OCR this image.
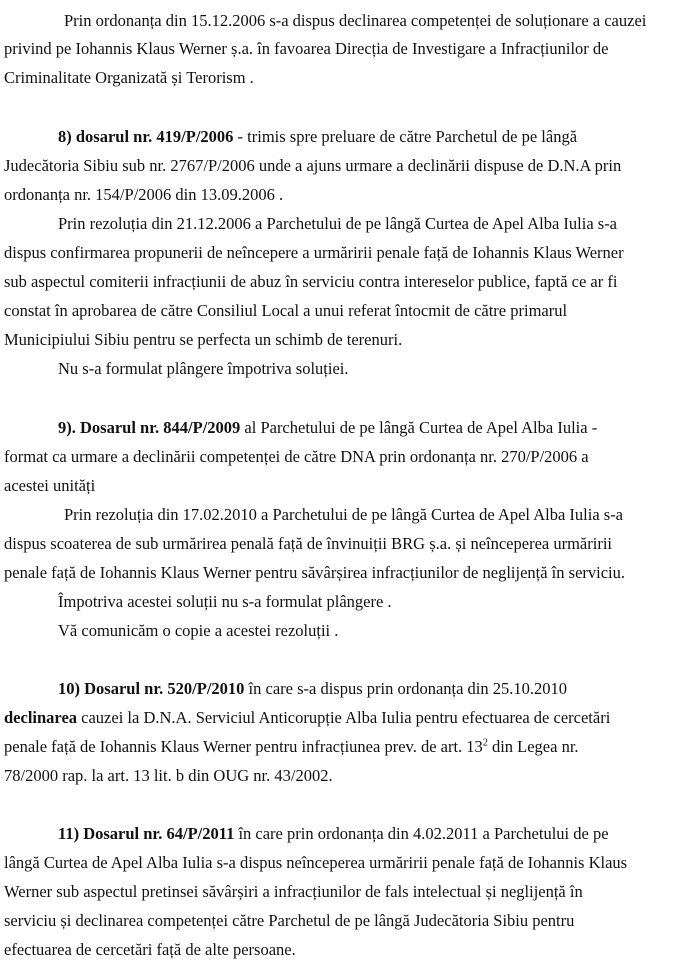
Prin ordonanța din 15.12.2006 s-a dispus declinarea competenței de soluționare a cauzei
privind pe Iohannis Klaus Werner ș.a. în favoarea Direcția de Investigare a Infracțiunilor de
Criminalitate Organizată și Terorism .
8) dosarul nr. 419/P/2006 - trimis spre preluare de către Parchetul de pe lângă
Judecătoria Sibiu sub nr. 2767/P/2006 unde a ajuns urmare a declinării dispuse de D.N.A prin
ordonanța nr. 154/P/2006 din 13.09.2006 .
Prin rezoluția din 21.12.2006 a Parchetului de pe lângă Curtea de Apel Alba Iulia s-a
dispus confirmarea propunerii de neîncepere a urmăririi penale față de Iohannis Klaus Werner
sub aspectul comiterii infracțiunii de abuz în serviciu contra intereselor publice, faptă ce ar fi
constat în aprobarea de către Consiliul Local a unui referat întocmit de către primarul
Municipiului Sibiu pentru se perfecta un schimb de terenuri.
Nu s-a formulat plângere împotriva soluției.
9). Dosarul nr. 844/P/2009 al Parchetului de pe lângă Curtea de Apel Alba Iulia -
format ca urmare a declinării competenței de către DNA prin ordonanța nr. 270/P/2006 a
acestei unități
Prin rezoluția din 17.02.2010 a Parchetului de pe lângă Curtea de Apel Alba Iulia s-a
dispus scoaterea de sub urmărirea penală față de învinuiții BRG ș.a. și neînceperea urmăririi
penale față de Iohannis Klaus Werner pentru săvârșirea infracțiunilor de neglijență în serviciu.
Împotriva acestei soluții nu s-a formulat plângere .
Vă comunicăm o copie a acestei rezoluții .
10) Dosarul nr. 520/P/2010 în care s-a dispus prin ordonanța din 25.10.2010
declinarea cauzei la D.N.A. Serviciul Anticorupție Alba Iulia pentru efectuarea de cercetări
penale față de Iohannis Klaus Werner pentru infracțiunea prev. de art. $13^2$ din Legea nr.
78/2000 rap. la art. 13 lit. b din OUG nr. 43/2002.
11) Dosarul nr. 64/P/2011 în care prin ordonanța din 4.02.2011 a Parchetului de pe
lângă Curtea de Apel Alba Iulia s-a dispus neînceperea urmăririi penale față de Iohannis Klaus
Werner sub aspectul pretinsei săvârșiri a infracțiunilor de fals intelectual și neglijență în
serviciu și declinarea competenței către Parchetul de pe lângă Judecătoria Sibiu pentru
efectuarea de cercetări față de alte persoane.
